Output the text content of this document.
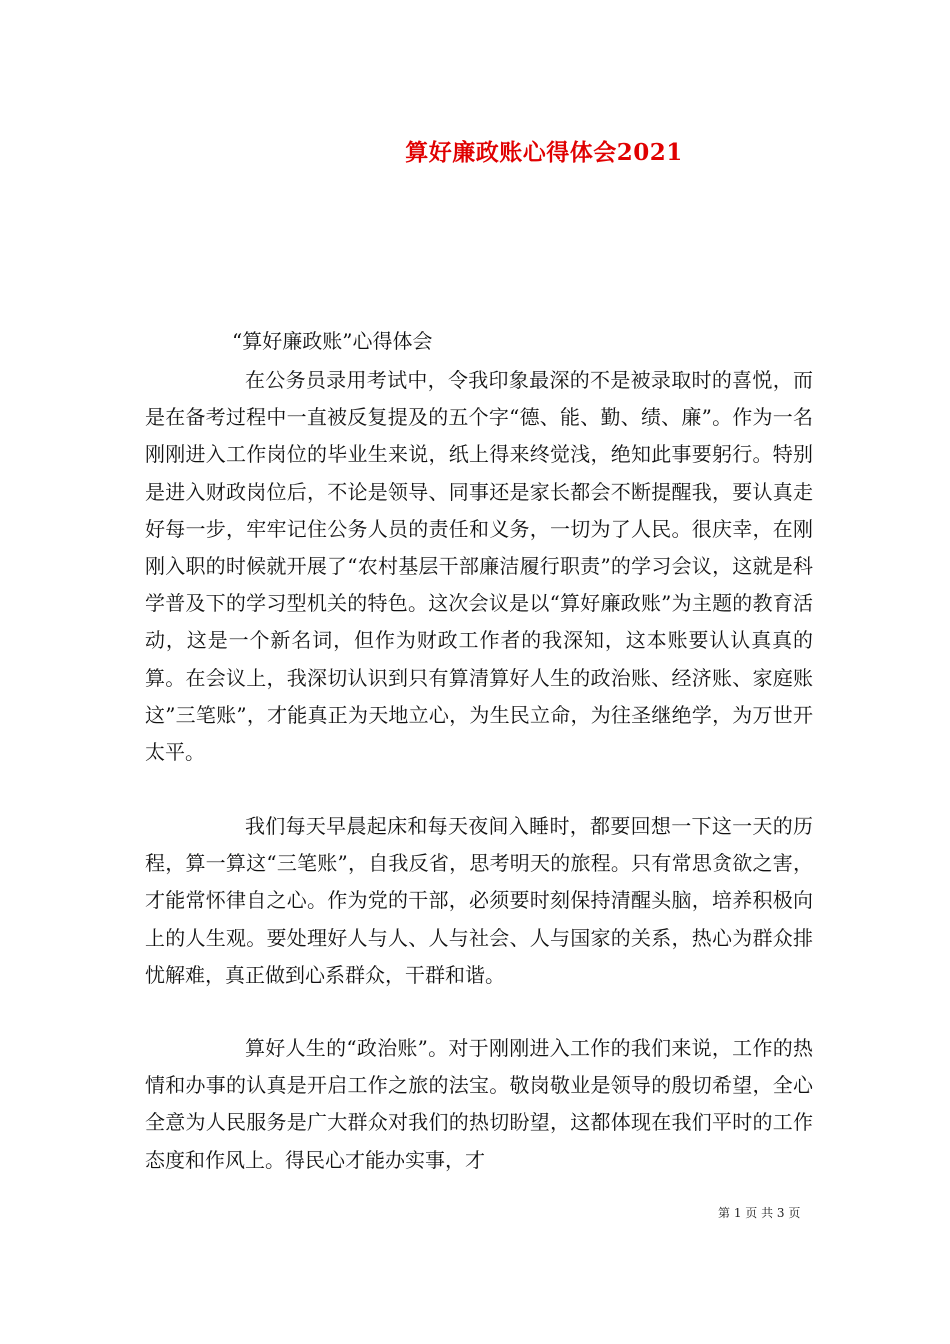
算好廉政账心得体会2021
“算好廉政账”心得体会

在公务员录用考试中，令我印象最深的不是被录取时的喜悦，而是在备考过程中一直被反复提及的五个字“德、能、勤、绩、廉”。作为一名刚刚进入工作岗位的毕业生来说，纸上得来终觉浅，绝知此事要躬行。特别是进入财政岗位后，不论是领导、同事还是家长都会不断提醒我，要认真走好每一步，牢牢记住公务人员的责任和义务，一切为了人民。很庆幸，在刚刚入职的时候就开展了“农村基层干部廉洁履行职责”的学习会议，这就是科学普及下的学习型机关的特色。这次会议是以“算好廉政账”为主题的教育活动，这是一个新名词，但作为财政工作者的我深知，这本账要认认真真的算。在会议上，我深切认识到只有算清算好人生的政治账、经济账、家庭账这”三笔账”，才能真正为天地立心，为生民立命，为往圣继绝学，为万世开太平。

我们每天早晨起床和每天夜间入睡时，都要回想一下这一天的历程，算一算这“三笔账”，自我反省，思考明天的旅程。只有常思贪欲之害，才能常怀律自之心。作为党的干部，必须要时刻保持清醒头脑，培养积极向上的人生观。要处理好人与人、人与社会、人与国家的关系，热心为群众排忧解难，真正做到心系群众，干群和谐。

算好人生的“政治账”。对于刚刚进入工作的我们来说，工作的热情和办事的认真是开启工作之旅的法宝。敬岗敬业是领导的殷切希望，全心全意为人民服务是广大群众对我们的热切盼望，这都体现在我们平时的工作态度和作风上。得民心才能办实事，才

第 1 页 共 3 页
